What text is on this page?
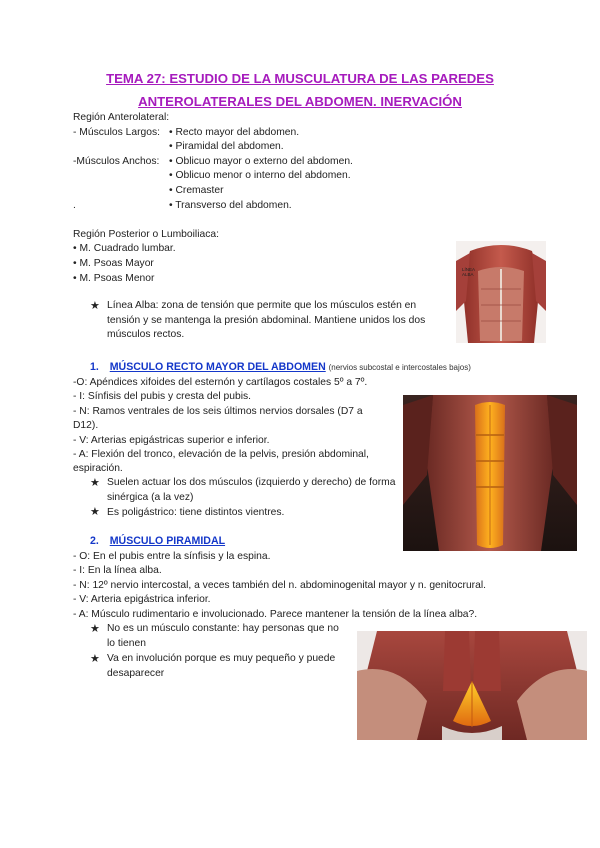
TEMA 27: ESTUDIO DE LA MUSCULATURA DE LAS PAREDES
ANTEROLATERALES DEL ABDOMEN. INERVACIÓN
Región Anterolateral:
- Músculos Largos: • Recto mayor del abdomen.
• Piramidal del abdomen.
-Músculos Anchos: • Oblicuo mayor o externo del abdomen.
• Oblicuo menor o interno del abdomen.
• Cremaster
.	• Transverso del abdomen.
Región Posterior o Lumboiliaca:
• M. Cuadrado lumbar.
• M. Psoas Mayor
• M. Psoas Menor
LÍNEA ALBA
★ Línea Alba: zona de tensión que permite que los músculos estén en tensión y se mantenga la presión abdominal. Mantiene unidos los dos músculos rectos.
1. MÚSCULO RECTO MAYOR DEL ABDOMEN (nervios subcostal e intercostales bajos)
-O: Apéndices xifoides del esternón y cartílagos costales 5º a 7º.
- I: Sínfisis del pubis y cresta del pubis.
- N: Ramos ventrales de los seis últimos nervios dorsales (D7 a
D12).
- V: Arterias epigástricas superior e inferior.
- A: Flexión del tronco, elevación de la pelvis, presión abdominal,
espiración.
★ Suelen actuar los dos músculos (izquierdo y derecho) de forma sinérgica (a la vez)
★ Es poligástrico: tiene distintos vientres.
2. MÚSCULO PIRAMIDAL
- O: En el pubis entre la sínfisis y la espina.
- I: En la línea alba.
- N: 12º nervio intercostal, a veces también del n. abdominogenital mayor y n. genitocrural.
- V: Arteria epigástrica inferior.
- A: Músculo rudimentario e involucionado. Parece mantener la tensión de la línea alba?.
★ No es un músculo constante: hay personas que no lo tienen
★ Va en involución porque es muy pequeño y puede desaparecer
